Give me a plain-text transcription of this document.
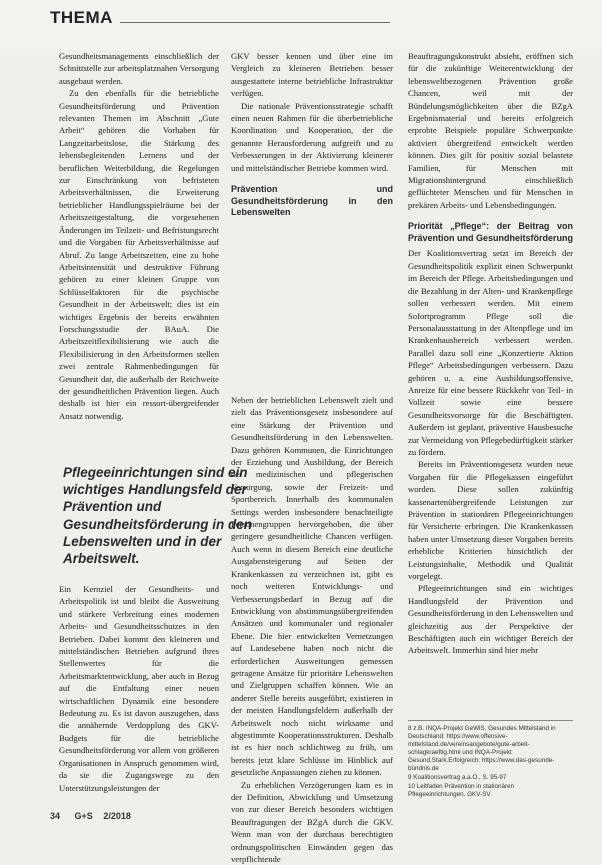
THEMA

Gesundheitsmanagements einschließlich der Schnittstelle zur arbeitsplatznahen Versorgung ausgebaut werden.

Zu den ebenfalls für die betriebliche Gesundheitsförderung und Prävention relevanten Themen im Abschnitt „Gute Arbeit“ gehören die Vorhaben für Langzeitarbeitslose, die Stärkung des lebensbegleitenden Lernens und der beruflichen Weiterbildung, die Regelungen zur Einschränkung von befristeten Arbeitsverhältnissen, die Erweiterung betrieblicher Handlungsspielräume bei der Arbeitszeitgestaltung, die vorgesehenen Änderungen im Teilzeit- und Befristungsrecht und die Vorgaben für Arbeitsverhältnisse auf Abruf. Zu lange Arbeitszeiten, eine zu hohe Arbeitsintensität und destruktive Führung gehören zu einer kleinen Gruppe von Schlüsselfaktoren für die psychische Gesundheit in der Arbeitswelt; dies ist ein wichtiges Ergebnis der bereits erwähnten Forschungsstudie der BAuA. Die Arbeitszeitflexibilisierung wie auch die Flexibilisierung in den Arbeitsformen stellen zwei zentrale Rahmenbedingungen für Gesundheit dar, die außerhalb der Reichweite der gesundheitlichen Prävention liegen. Auch deshalb ist hier ein ressort-übergreifender Ansatz notwendig.

Pflegeeinrichtungen sind ein wichtiges Handlungsfeld der Prävention und Gesundheitsförderung in den Lebenswelten und in der Arbeitswelt.

Ein Kernziel der Gesundheits- und Arbeitspolitik ist und bleibt die Ausweitung und stärkere Verbreitung eines modernen Arbeits- und Gesundheitsschutzes in den Betrieben. Dabei kommt den kleineren und mittelständischen Betrieben aufgrund ihres Stellenwertes für die Arbeitsmarktentwicklung, aber auch in Bezug auf die Entfaltung einer neuen wirtschaftlichen Dynamik eine besondere Bedeutung zu. Es ist davon auszugehen, dass die annähernde Verdopplung des GKV-Budgets für die betriebliche Gesundheitsförderung vor allem von größeren Organisationen in Anspruch genommen wird, da sie die Zugangswege zu den Unterstützungsleistungen der

GKV besser kennen und über eine im Vergleich zu kleineren Betrieben besser ausgestattete interne betriebliche Infrastruktur verfügen.

Die nationale Präventionsstrategie schafft einen neuen Rahmen für die überbetriebliche Koordination und Kooperation, der die genannte Herausforderung aufgreift und zu Verbesserungen in der Aktivierung kleinerer und mittelständischer Betriebe kommen wird.

Prävention und Gesundheitsförderung in den Lebenswelten

Neben der betrieblichen Lebenswelt zielt und zielt das Präventionsgesetz insbesondere auf eine Stärkung der Prävention und Gesundheitsförderung in den Lebenswelten. Dazu gehören Kommunen, die Einrichtungen der Erziehung und Ausbildung, der Bereich der medizinischen und pflegerischen Versorgung, sowie der Freizeit- und Sportbereich. Innerhalb des kommunalen Settings werden insbesondere benachteiligte Personengruppen hervorgehoben, die über geringere gesundheitliche Chancen verfügen. Auch wenn in diesem Bereich eine deutliche Ausgabensteigerung auf Seiten der Krankenkassen zu verzeichnen ist, gibt es noch weiteren Entwicklungs- und Verbesserungsbedarf in Bezug auf die Entwicklung von abstimmungsübergreifenden Ansätzen und kommunaler und regionaler Ebene. Die hier entwickelten Vernetzungen auf Landesebene haben noch nicht die erforderlichen Ausweitungen gemessen getragene Ansätze für prioritäre Lebenswelten und Zielgruppen schaffen können. Wie an anderer Stelle bereits ausgeführt, existieren in der meisten Handlungsfeldern außerhalb der Arbeitswelt noch nicht wirksame und abgestimmte Kooperationsstrukturen. Deshalb ist es hier noch schlichtweg zu früh, um bereits jetzt klare Schlüsse im Hinblick auf gesetzliche Anpassungen ziehen zu können.

Zu erheblichen Verzögerungen kam es in der Definition, Abwicklung und Umsetzung von zur dieser Bereich besonders wichtigen Beauftragungen der BZgA durch die GKV. Wenn man von der durchaus berechtigten ordnungspolitischen Einwänden gegen das verpflichtende

Beauftragungskonstrukt absieht, eröffnen sich für die zukünftige Weiterentwicklung der lebensweltbezogenen Prävention große Chancen, weil mit der Bündelungsmöglichkeiten über die BZgA Ergebnismaterial und bereits erfolgreich erprobte Beispiele populäre Schwerpunkte aktiviert übergreifend entwickelt werden können. Dies gilt für positiv sozial belastete Familien, für Menschen mit Migrationshintergrund einschließlich geflüchteter Menschen und für Menschen in prekären Arbeits- und Lebensbedingungen.

Priorität „Pflege“: der Beitrag von Prävention und Gesundheitsförderung

Der Koalitionsvertrag setzt im Bereich der Gesundheitspolitik explizit einen Schwerpunkt im Bereich der Pflege. Arbeitsbedingungen und die Bezahlung in der Alten- und Krankenpflege sollen verbessert werden. Mit einem Sofortprogramm Pflege soll die Personalausstattung in der Altenpflege und im Krankenhausbereich verbessert werden. Parallel dazu soll eine „Konzertierte Aktion Pflege“ Arbeitsbedingungen verbessern. Dazu gehören u. a. eine Ausbildungsoffensive, Anreize für eine bessere Rückkehr von Teil- in Vollzeit sowie eine bessere Gesundheitsvorsorge für die Beschäftigten. Außerdem ist geplant, präventive Hausbesuche zur Vermeidung von Pflegebedürftigkeit stärker zu fördern.

Bereits im Präventionsgesetz wurden neue Vorgaben für die Pflegekassen eingeführt worden. Diese sollen zukünftig kassenartenübergreifende Leistungen zur Prävention in stationären Pflegeeinrichtungen für Versicherte erbringen. Die Krankenkassen haben unter Umsetzung dieser Vorgaben bereits erhebliche Kritierien hinsichtlich der Leistungsinhalte, Methodik und Qualität vorgelegt.

Pflegeeinrichtungen sind ein wichtiges Handlungsfeld der Prävention und Gesundheitsförderung in den Lebenswelten und gleichzeitig aus der Perspektive der Beschäftigten auch ein wichtiger Bereich der Arbeitswelt. Immerhin sind hier mehr

8 z.B. INQA-Projekt GeWiS, Gesundes Mittelstand in Deutschland: https://www.offensive-mittelstand.de/vereinsangebote/gute-arbeit-schlagkraeftig.html und INQA-Projekt Gesund.Stark.Erfolgreich: https://www.das-gesunde-bündnis.de

9 Koalitionsvertrag a.a.O., S. 95-97

10 Leitfaden Prävention in stationären Pflegeeinrichtungen. GKV-SV

34 G+S 2/2018
